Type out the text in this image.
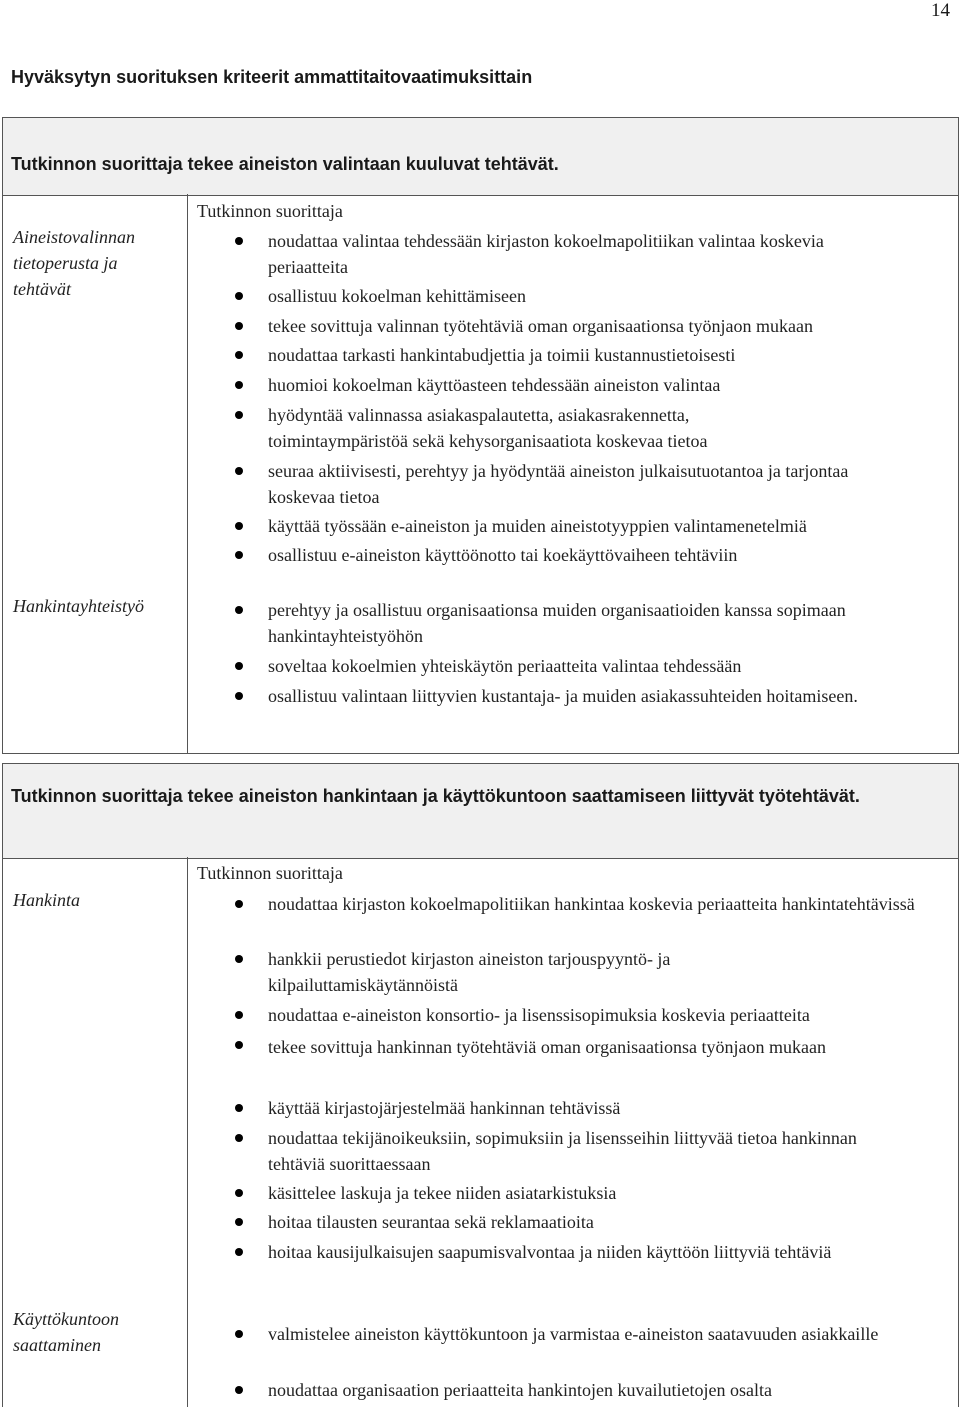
14
Hyväksytyn suorituksen kriteerit ammattitaitovaatimuksittain
Tutkinnon suorittaja tekee aineiston valintaan kuuluvat tehtävät.
Aineistovalinnan tietoperusta ja tehtävät
Hankintayhteistyö
Tutkinnon suorittaja
noudattaa valintaa tehdessään kirjaston kokoelmapolitiikan valintaa koskevia periaatteita
osallistuu kokoelman kehittämiseen
tekee sovittuja valinnan työtehtäviä oman organisaationsa työnjaon mukaan
noudattaa tarkasti hankintabudjettia ja toimii kustannustietoisesti
huomioi kokoelman käyttöasteen tehdessään aineiston valintaa
hyödyntää valinnassa asiakaspalautetta, asiakasrakennetta, toimintaympäristöä sekä kehysorganisaatiota koskevaa tietoa
seuraa aktiivisesti, perehtyy ja hyödyntää aineiston julkaisutuotantoa ja tarjontaa koskevaa tietoa
käyttää työssään e-aineiston ja muiden aineistotyyppien valintamenetelmiä
osallistuu e-aineiston käyttöönotto tai koekäyttövaiheen tehtäviin
perehtyy ja osallistuu organisaationsa muiden organisaatioiden kanssa sopimaan hankintayhteistyöhön
soveltaa kokoelmien yhteiskäytön periaatteita valintaa tehdessään
osallistuu valintaan liittyvien kustantaja- ja muiden asiakassuhteiden hoitamiseen.
Tutkinnon suorittaja tekee aineiston hankintaan ja käyttökuntoon saattamiseen liittyvät työtehtävät.
Hankinta
Käyttökuntoon saattaminen
Tutkinnon suorittaja
noudattaa kirjaston kokoelmapolitiikan hankintaa koskevia periaatteita hankintatehtävissä
hankkii perustiedot kirjaston aineiston tarjouspyyntö- ja kilpailuttamiskäytännöistä
noudattaa e-aineiston konsortio- ja lisenssisopimuksia koskevia periaatteita
tekee sovittuja hankinnan työtehtäviä oman organisaationsa työnjaon mukaan
käyttää kirjastojärjestelmää hankinnan tehtävissä
noudattaa tekijänoikeuksiin, sopimuksiin ja lisensseihin liittyvää tietoa hankinnan tehtäviä suorittaessaan
käsittelee laskuja ja tekee niiden asiatarkistuksia
hoitaa tilausten seurantaa sekä reklamaatioita
hoitaa kausijulkaisujen saapumisvalvontaa ja niiden käyttöön liittyviä tehtäviä
valmistelee aineiston käyttökuntoon ja varmistaa e-aineiston saatavuuden asiakkaille
noudattaa organisaation periaatteita hankintojen kuvailutietojen osalta
